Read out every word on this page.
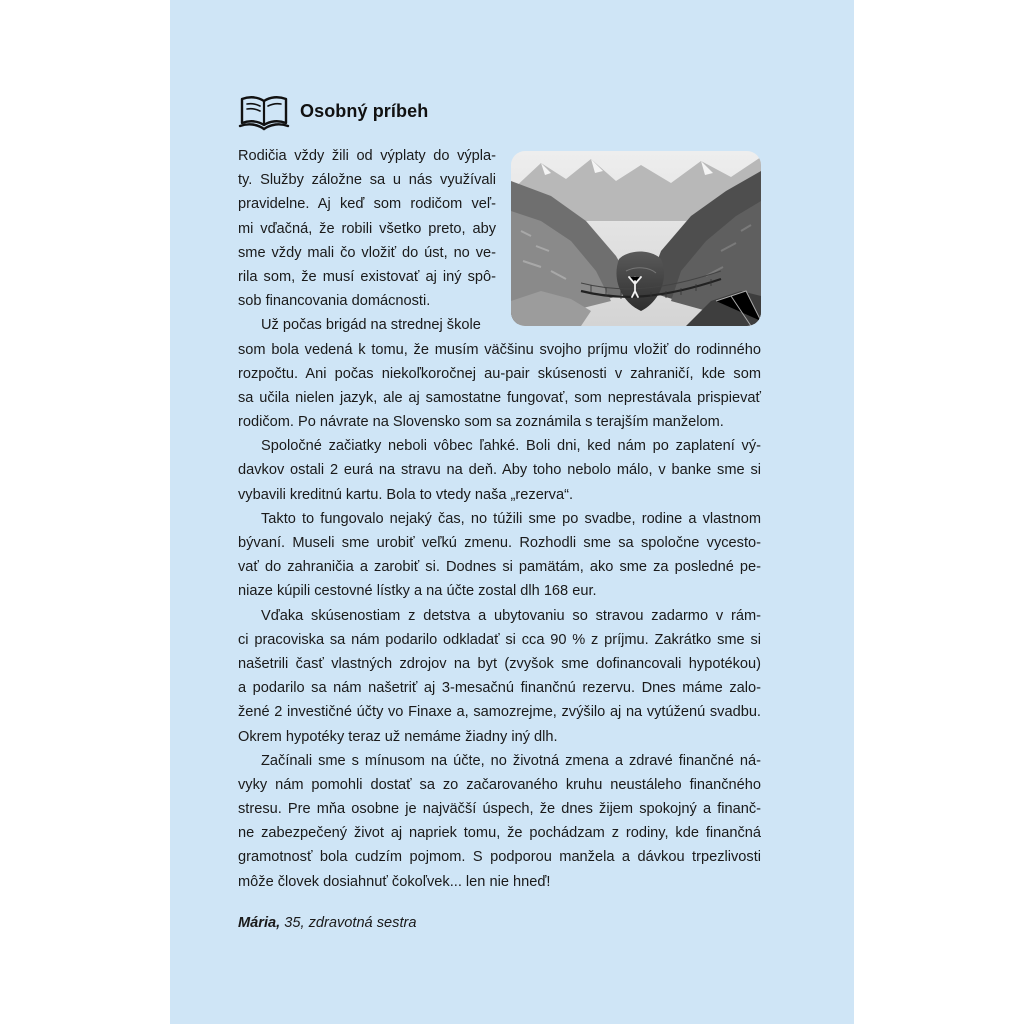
Osobný príbeh
Rodičia vždy žili od výplaty do výpla-
ty. Služby záložne sa u nás využívali
pravidelne. Aj keď som rodičom veľ-
mi vďačná, že robili všetko preto, aby
sme vždy mali čo vložiť do úst, no ve-
rila som, že musí existovať aj iný spô-
sob financovania domácnosti.
Už počas brigád na strednej škole
som bola vedená k tomu, že musím väčšinu svojho príjmu vložiť do rodinného
rozpočtu. Ani počas niekoľkoročnej au-pair skúsenosti v zahraničí, kde som
sa učila nielen jazyk, ale aj samostatne fungovať, som neprestávala prispievať
rodičom. Po návrate na Slovensko som sa zoznámila s terajším manželom.
Spoločné začiatky neboli vôbec ľahké. Boli dni, ked nám po zaplatení vý-
davkov ostali 2 eurá na stravu na deň. Aby toho nebolo málo, v banke sme si
vybavili kreditnú kartu. Bola to vtedy naša „rezerva“.
Takto to fungovalo nejaký čas, no túžili sme po svadbe, rodine a vlastnom
bývaní. Museli sme urobiť veľkú zmenu. Rozhodli sme sa spoločne vycesto-
vať do zahraničia a zarobiť si. Dodnes si pamätám, ako sme za posledné pe-
niaze kúpili cestovné lístky a na účte zostal dlh 168 eur.
Vďaka skúsenostiam z detstva a ubytovaniu so stravou zadarmo v rám-
ci pracoviska sa nám podarilo odkladať si cca 90 % z príjmu. Zakrátko sme si
našetrili časť vlastných zdrojov na byt (zvyšok sme dofinancovali hypotékou)
a podarilo sa nám našetriť aj 3-mesačnú finančnú rezervu. Dnes máme zalo-
žené 2 investičné účty vo Finaxe a, samozrejme, zvýšilo aj na vytúženú svadbu.
Okrem hypotéky teraz už nemáme žiadny iný dlh.
Začínali sme s mínusom na účte, no životná zmena a zdravé finančné ná-
vyky nám pomohli dostať sa zo začarovaného kruhu neustáleho finančného
stresu. Pre mňa osobne je najväčší úspech, že dnes žijem spokojný a finanč-
ne zabezpečený život aj napriek tomu, že pochádzam z rodiny, kde finančná
gramotnosť bola cudzím pojmom. S podporou manžela a dávkou trpezlivosti
môže človek dosiahnuť čokoľvek... len nie hneď!
Mária, 35, zdravotná sestra
